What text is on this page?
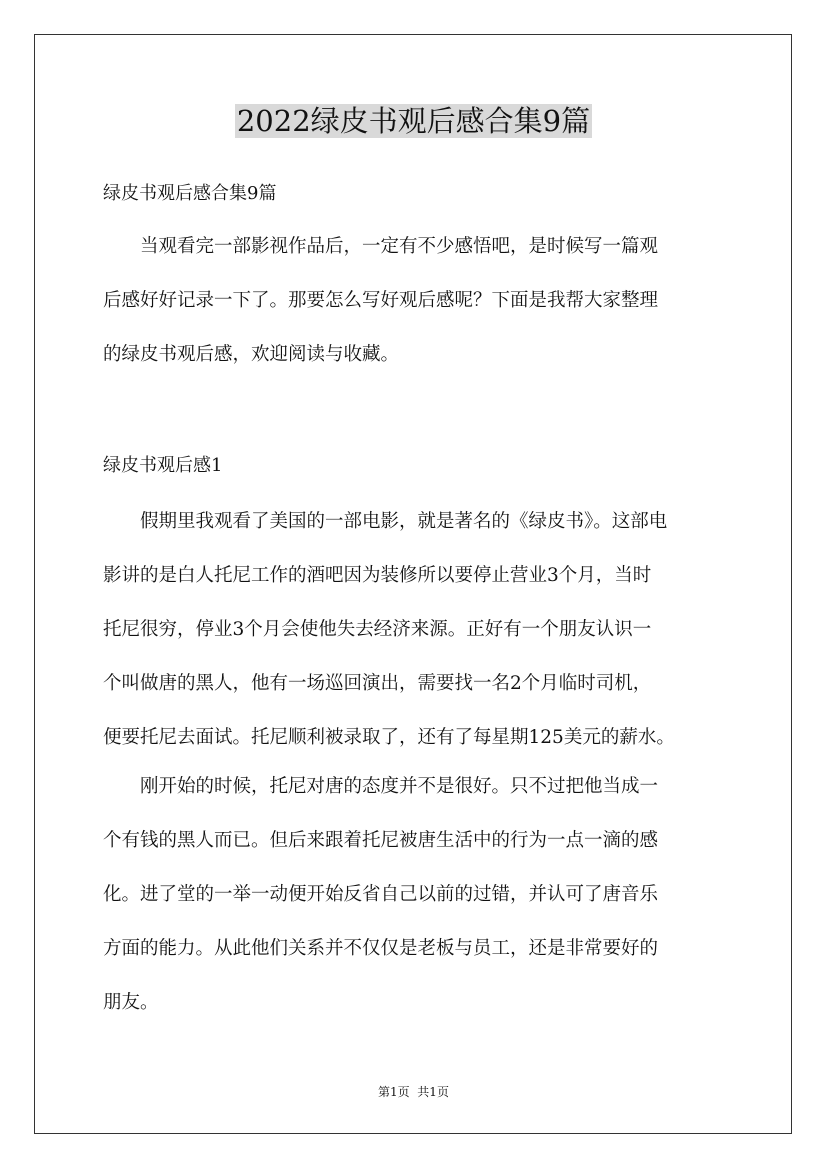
2022绿皮书观后感合集9篇
绿皮书观后感合集9篇
当观看完一部影视作品后，一定有不少感悟吧，是时候写一篇观
后感好好记录一下了。那要怎么写好观后感呢？下面是我帮大家整理
的绿皮书观后感，欢迎阅读与收藏。
绿皮书观后感1
假期里我观看了美国的一部电影，就是著名的《绿皮书》。这部电
影讲的是白人托尼工作的酒吧因为装修所以要停止营业3个月，当时
托尼很穷，停业3个月会使他失去经济来源。正好有一个朋友认识一
个叫做唐的黑人，他有一场巡回演出，需要找一名2个月临时司机，
便要托尼去面试。托尼顺利被录取了，还有了每星期125美元的薪水。
刚开始的时候，托尼对唐的态度并不是很好。只不过把他当成一
个有钱的黑人而已。但后来跟着托尼被唐生活中的行为一点一滴的感
化。进了堂的一举一动便开始反省自己以前的过错，并认可了唐音乐
方面的能力。从此他们关系并不仅仅是老板与员工，还是非常要好的
朋友。
第1页  共1页
